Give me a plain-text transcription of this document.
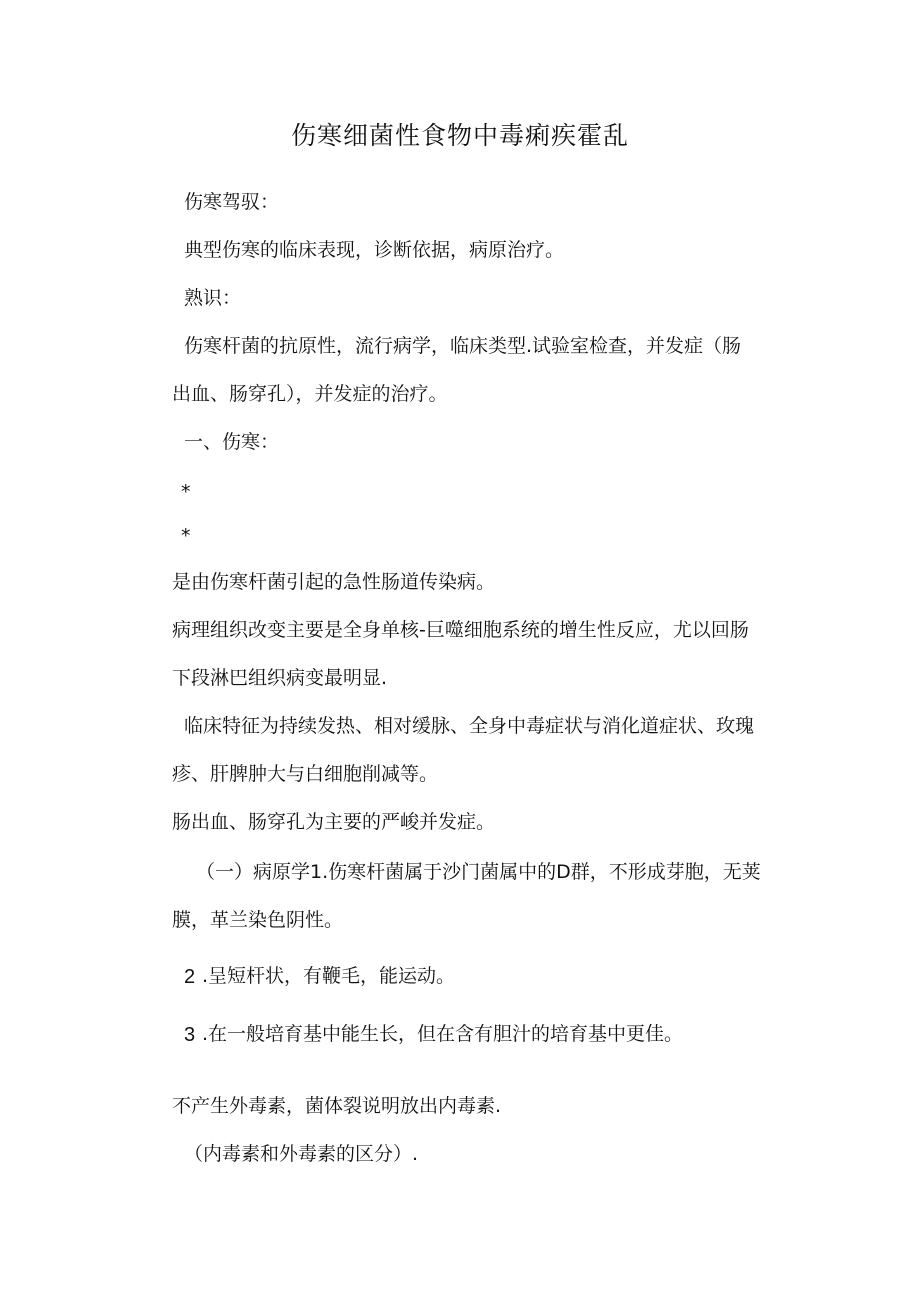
伤寒细菌性食物中毒痢疾霍乱
伤寒驾驭：
典型伤寒的临床表现，诊断依据，病原治疗。
熟识：
伤寒杆菌的抗原性，流行病学，临床类型.试验室检查，并发症（肠
出血、肠穿孔），并发症的治疗。
一、伤寒：
*
*
是由伤寒杆菌引起的急性肠道传染病。
病理组织改变主要是全身单核-巨噬细胞系统的增生性反应，尤以回肠
下段淋巴组织病变最明显.
临床特征为持续发热、相对缓脉、全身中毒症状与消化道症状、玫瑰
疹、肝脾肿大与白细胞削减等。
肠出血、肠穿孔为主要的严峻并发症。
（一）病原学1.伤寒杆菌属于沙门菌属中的D群，不形成芽胞，无荚
膜，革兰染色阴性。
2 .呈短杆状，有鞭毛，能运动。
3 .在一般培育基中能生长，但在含有胆汁的培育基中更佳。
不产生外毒素，菌体裂说明放出内毒素.
（内毒素和外毒素的区分）.
